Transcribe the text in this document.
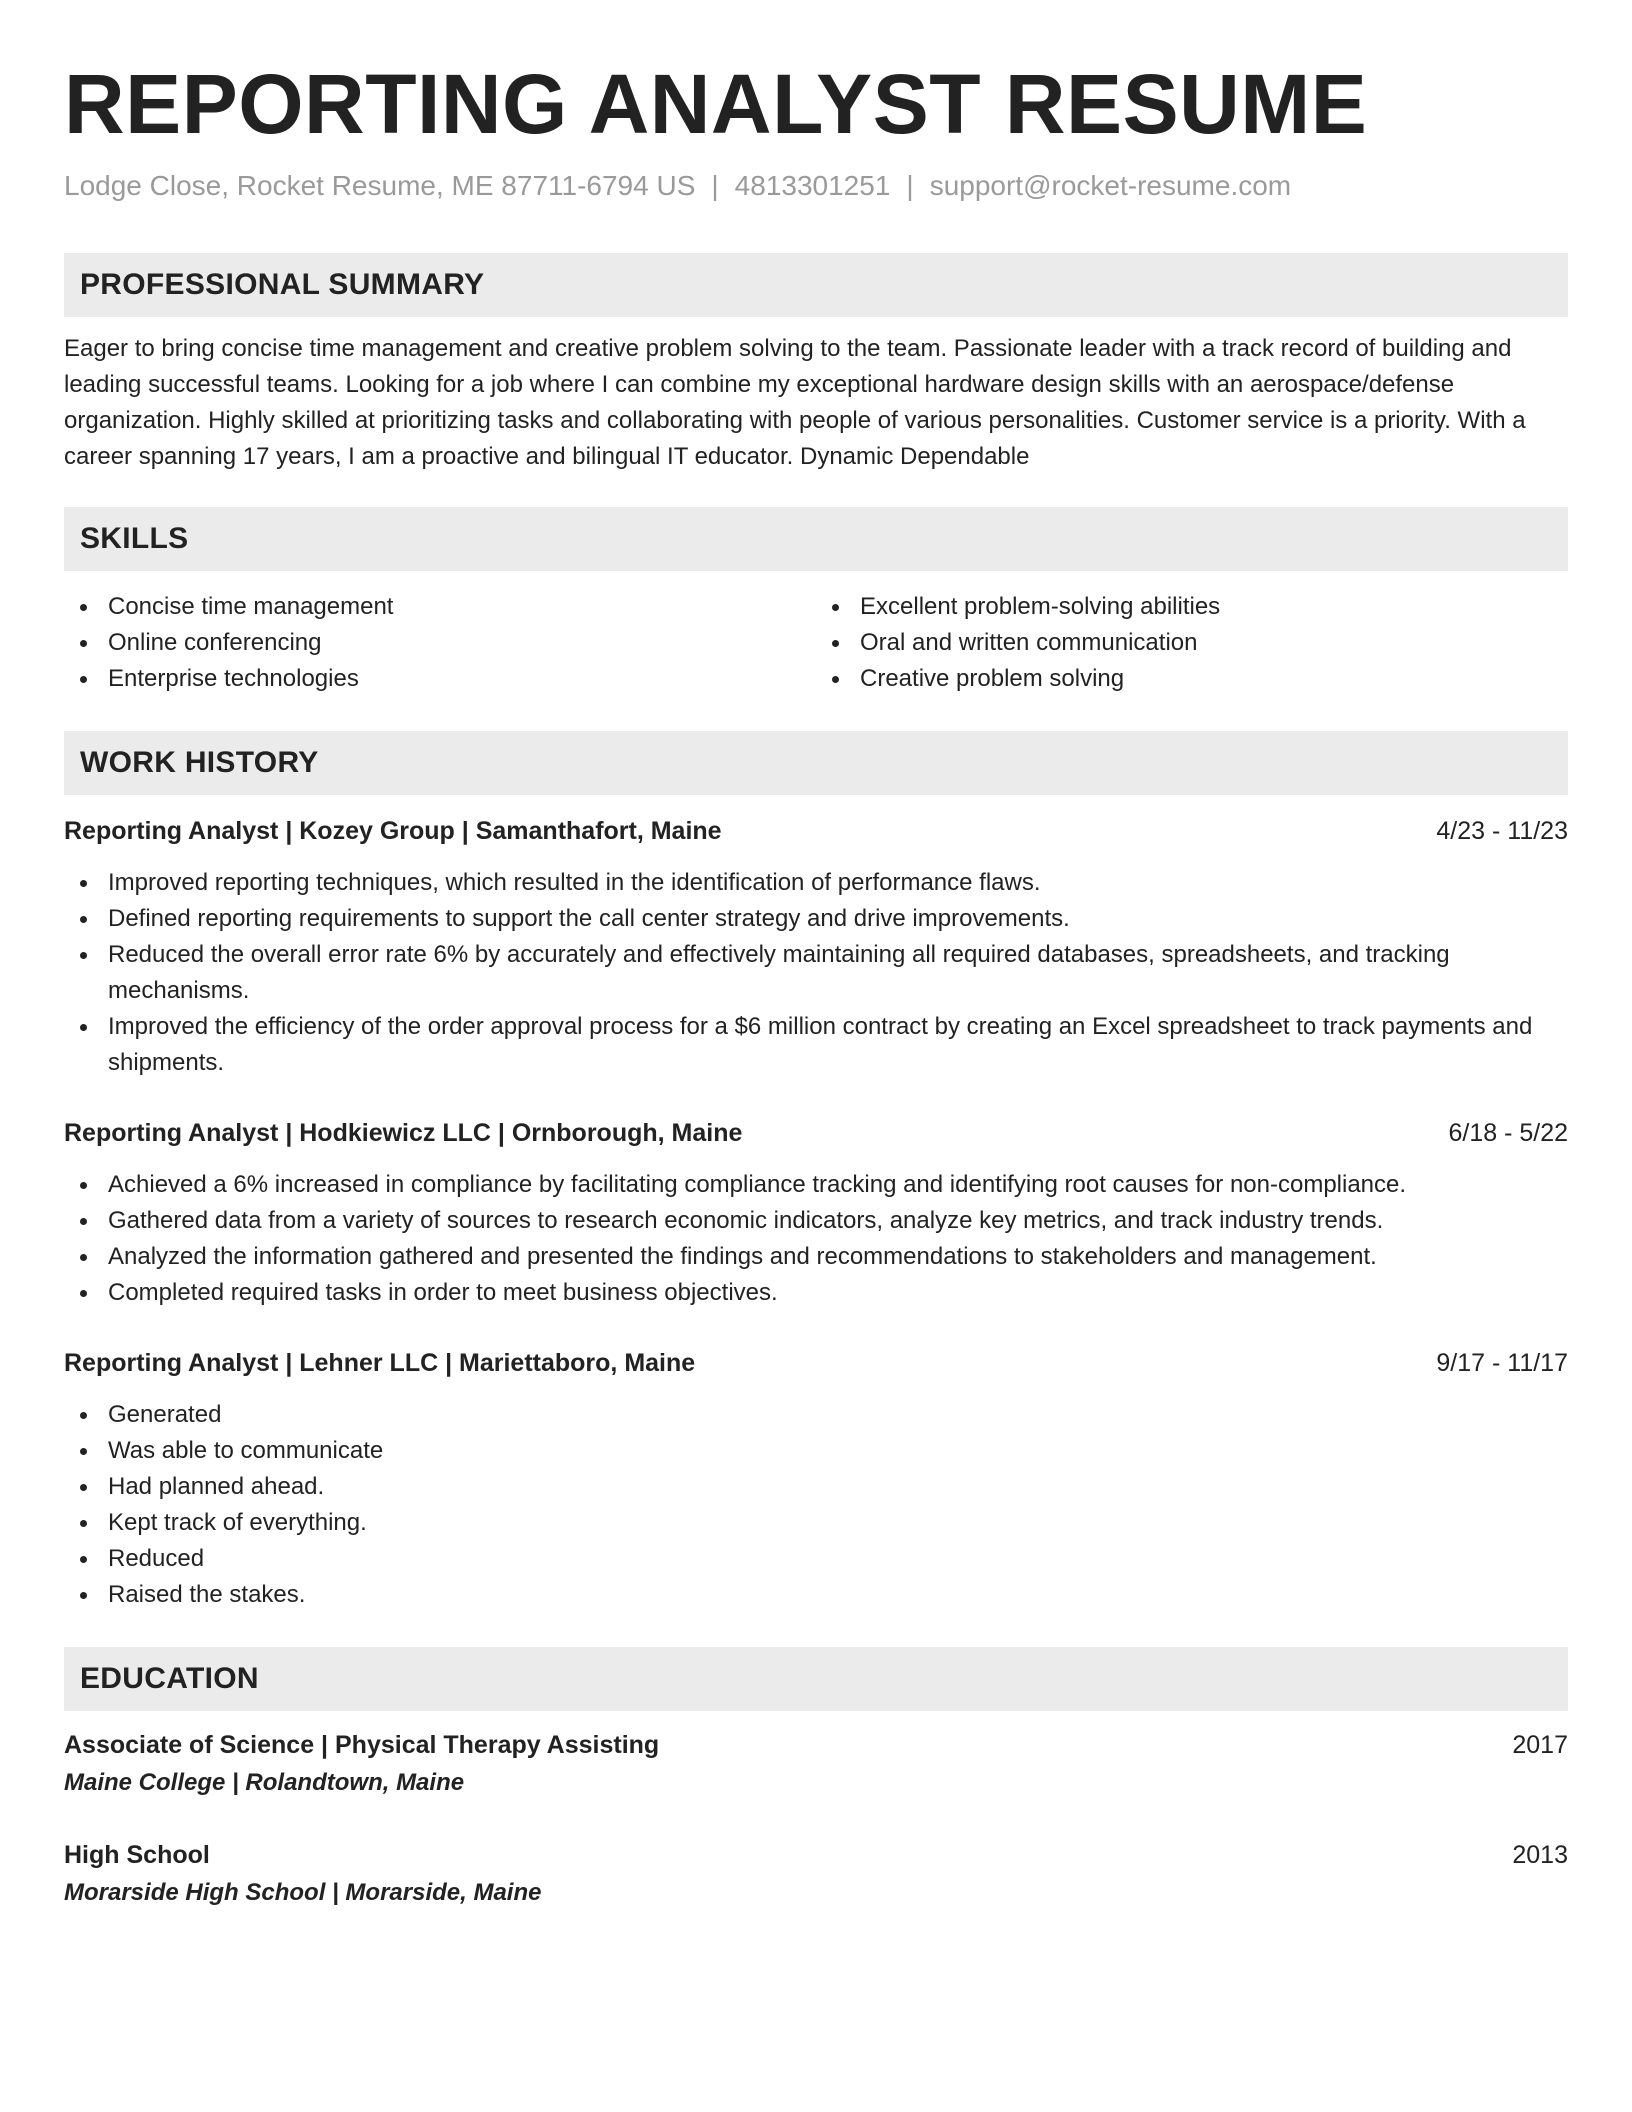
REPORTING ANALYST RESUME
Lodge Close, Rocket Resume, ME 87711-6794 US | 4813301251 | support@rocket-resume.com
PROFESSIONAL SUMMARY
Eager to bring concise time management and creative problem solving to the team. Passionate leader with a track record of building and leading successful teams. Looking for a job where I can combine my exceptional hardware design skills with an aerospace/defense organization. Highly skilled at prioritizing tasks and collaborating with people of various personalities. Customer service is a priority. With a career spanning 17 years, I am a proactive and bilingual IT educator. Dynamic Dependable
SKILLS
Concise time management
Online conferencing
Enterprise technologies
Excellent problem-solving abilities
Oral and written communication
Creative problem solving
WORK HISTORY
Reporting Analyst | Kozey Group | Samanthafort, Maine	4/23 - 11/23
Improved reporting techniques, which resulted in the identification of performance flaws.
Defined reporting requirements to support the call center strategy and drive improvements.
Reduced the overall error rate 6% by accurately and effectively maintaining all required databases, spreadsheets, and tracking mechanisms.
Improved the efficiency of the order approval process for a $6 million contract by creating an Excel spreadsheet to track payments and shipments.
Reporting Analyst | Hodkiewicz LLC | Ornborough, Maine	6/18 - 5/22
Achieved a 6% increased in compliance by facilitating compliance tracking and identifying root causes for non-compliance.
Gathered data from a variety of sources to research economic indicators, analyze key metrics, and track industry trends.
Analyzed the information gathered and presented the findings and recommendations to stakeholders and management.
Completed required tasks in order to meet business objectives.
Reporting Analyst | Lehner LLC | Mariettaboro, Maine	9/17 - 11/17
Generated
Was able to communicate
Had planned ahead.
Kept track of everything.
Reduced
Raised the stakes.
EDUCATION
Associate of Science | Physical Therapy Assisting	2017
Maine College | Rolandtown, Maine
High School	2013
Morarside High School | Morarside, Maine
